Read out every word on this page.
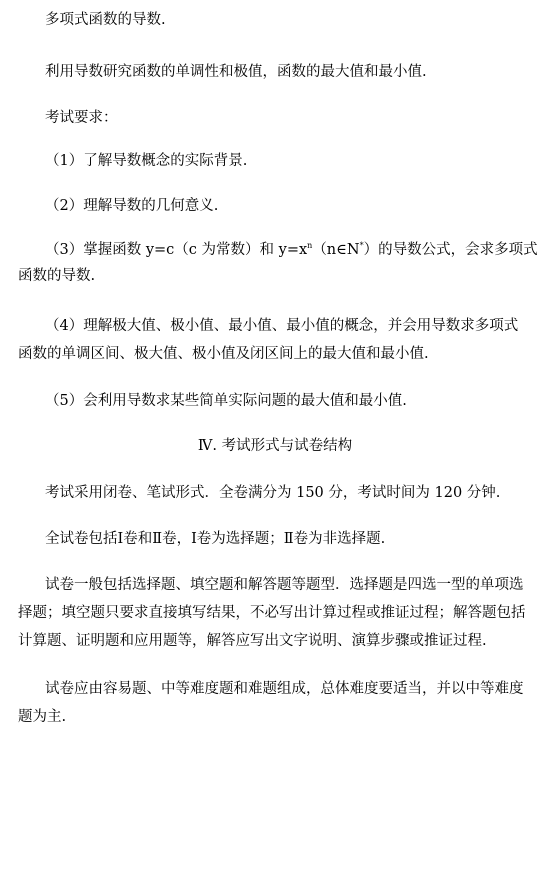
多项式函数的导数.
利用导数研究函数的单调性和极值，函数的最大值和最小值.
考试要求：
（1）了解导数概念的实际背景.
（2）理解导数的几何意义.
（3）掌握函数 y=c（c 为常数）和 $y=x^n(n\in N^*)$的导数公式，会求多项式
函数的导数.
（4）理解极大值、极小值、最小值、最小值的概念，并会用导数求多项式
函数的单调区间、极大值、极小值及闭区间上的最大值和最小值.
（5）会利用导数求某些简单实际问题的最大值和最小值.
Ⅳ. 考试形式与试卷结构
考试采用闭卷、笔试形式．全卷满分为 150 分，考试时间为 120 分钟.
全试卷包括Ⅰ卷和Ⅱ卷，Ⅰ卷为选择题；Ⅱ卷为非选择题.
试卷一般包括选择题、填空题和解答题等题型．选择题是四选一型的单项选
择题；填空题只要求直接填写结果，不必写出计算过程或推证过程；解答题包括
计算题、证明题和应用题等，解答应写出文字说明、演算步骤或推证过程.
试卷应由容易题、中等难度题和难题组成，总体难度要适当，并以中等难度
题为主.
